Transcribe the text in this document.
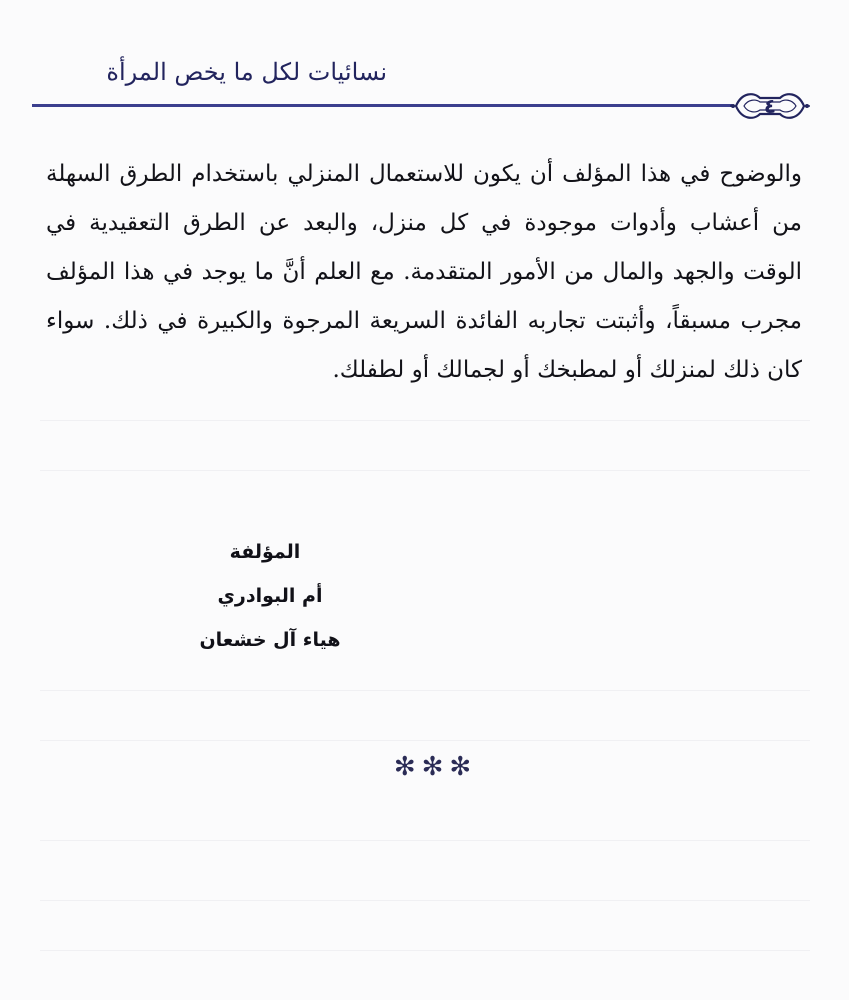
نسائيات لكل ما يخص المرأة
٤
والوضوح في هذا المؤلف أن يكون للاستعمال المنزلي باستخدام الطرق السهلة من أعشاب وأدوات موجودة في كل منزل، والبعد عن الطرق التعقيدية في الوقت والجهد والمال من الأمور المتقدمة. مع العلم أنَّ ما يوجد في هذا المؤلف مجرب مسبقاً، وأثبتت تجاربه الفائدة السريعة المرجوة والكبيرة في ذلك. سواء كان ذلك لمنزلك أو لمطبخك أو لجمالك أو لطفلك.
المؤلفة
أم البوادري
هياء آل خشعان
✻✻✻
